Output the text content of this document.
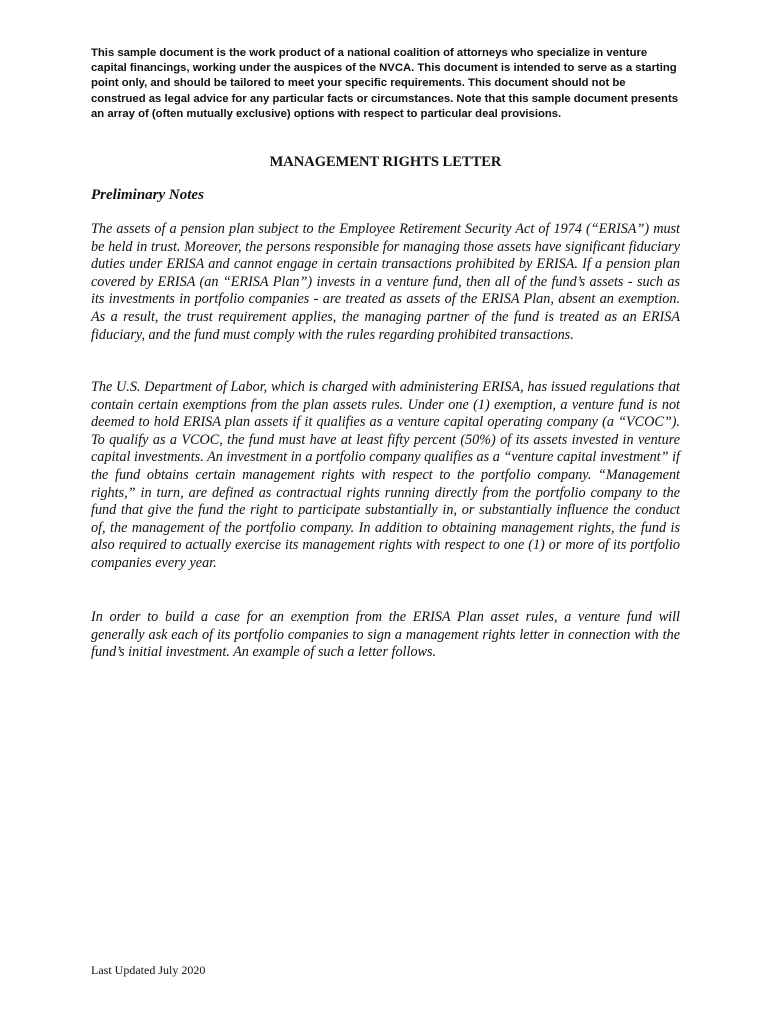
This sample document is the work product of a national coalition of attorneys who specialize in venture capital financings, working under the auspices of the NVCA. This document is intended to serve as a starting point only, and should be tailored to meet your specific requirements. This document should not be construed as legal advice for any particular facts or circumstances. Note that this sample document presents an array of (often mutually exclusive) options with respect to particular deal provisions.

MANAGEMENT RIGHTS LETTER
Preliminary Notes

The assets of a pension plan subject to the Employee Retirement Security Act of 1974 (“ERISA”) must be held in trust. Moreover, the persons responsible for managing those assets have significant fiduciary duties under ERISA and cannot engage in certain transactions prohibited by ERISA. If a pension plan covered by ERISA (an “ERISA Plan”) invests in a venture fund, then all of the fund’s assets - such as its investments in portfolio companies - are treated as assets of the ERISA Plan, absent an exemption. As a result, the trust requirement applies, the managing partner of the fund is treated as an ERISA fiduciary, and the fund must comply with the rules regarding prohibited transactions.

The U.S. Department of Labor, which is charged with administering ERISA, has issued regulations that contain certain exemptions from the plan assets rules. Under one (1) exemption, a venture fund is not deemed to hold ERISA plan assets if it qualifies as a venture capital operating company (a “VCOC”). To qualify as a VCOC, the fund must have at least fifty percent (50%) of its assets invested in venture capital investments. An investment in a portfolio company qualifies as a “venture capital investment” if the fund obtains certain management rights with respect to the portfolio company. “Management rights,” in turn, are defined as contractual rights running directly from the portfolio company to the fund that give the fund the right to participate substantially in, or substantially influence the conduct of, the management of the portfolio company. In addition to obtaining management rights, the fund is also required to actually exercise its management rights with respect to one (1) or more of its portfolio companies every year.

In order to build a case for an exemption from the ERISA Plan asset rules, a venture fund will generally ask each of its portfolio companies to sign a management rights letter in connection with the fund’s initial investment. An example of such a letter follows.

Last Updated July 2020
